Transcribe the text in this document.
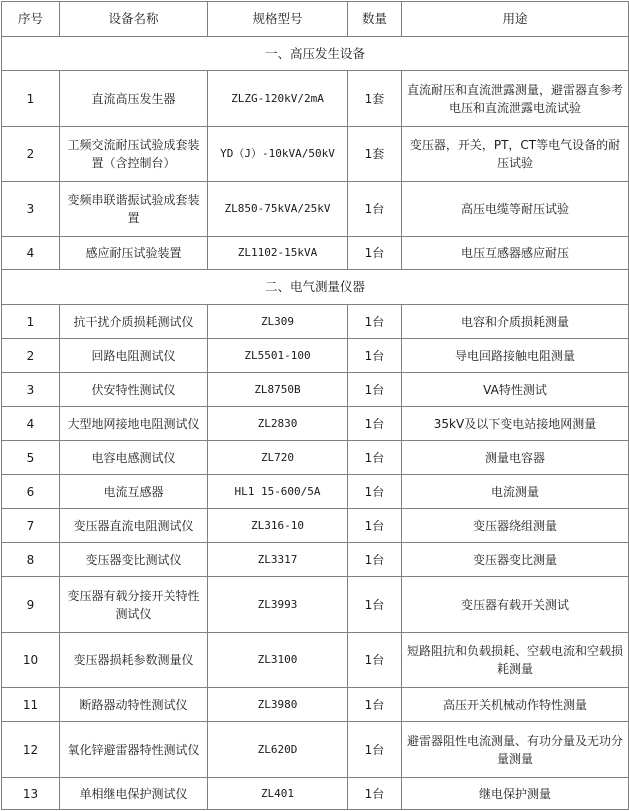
序号	设备名称	规格型号	数量	用途
一、高压发生设备				
1	直流高压发生器	ZLZG-120kV/2mA	1套	直流耐压和直流泄露测量，避雷器直参考电压和直流泄露电流试验
2	工频交流耐压试验成套装置（含控制台）	YD（J）-10kVA/50kV	1套	变压器，开关，PT，CT等电气设备的耐压试验
3	变频串联谐振试验成套装置	ZL850-75kVA/25kV	1台	高压电缆等耐压试验
4	感应耐压试验装置	ZL1102-15kVA	1台	电压互感器感应耐压
二、电气测量仪器				
1	抗干扰介质损耗测试仪	ZL309	1台	电容和介质损耗测量
2	回路电阻测试仪	ZL5501-100	1台	导电回路接触电阻测量
3	伏安特性测试仪	ZL8750B	1台	VA特性测试
4	大型地网接地电阻测试仪	ZL2830	1台	35kV及以下变电站接地网测量
5	电容电感测试仪	ZL720	1台	测量电容器
6	电流互感器	HL1 15-600/5A	1台	电流测量
7	变压器直流电阻测试仪	ZL316-10	1台	变压器绕组测量
8	变压器变比测试仪	ZL3317	1台	变压器变比测量
9	变压器有载分接开关特性测试仪	ZL3993	1台	变压器有载开关测试
10	变压器损耗参数测量仪	ZL3100	1台	短路阻抗和负载损耗、空载电流和空载损耗测量
11	断路器动特性测试仪	ZL3980	1台	高压开关机械动作特性测量
12	氧化锌避雷器特性测试仪	ZL620D	1台	避雷器阻性电流测量、有功分量及无功分量测量
13	单相继电保护测试仪	ZL401	1台	继电保护测量
